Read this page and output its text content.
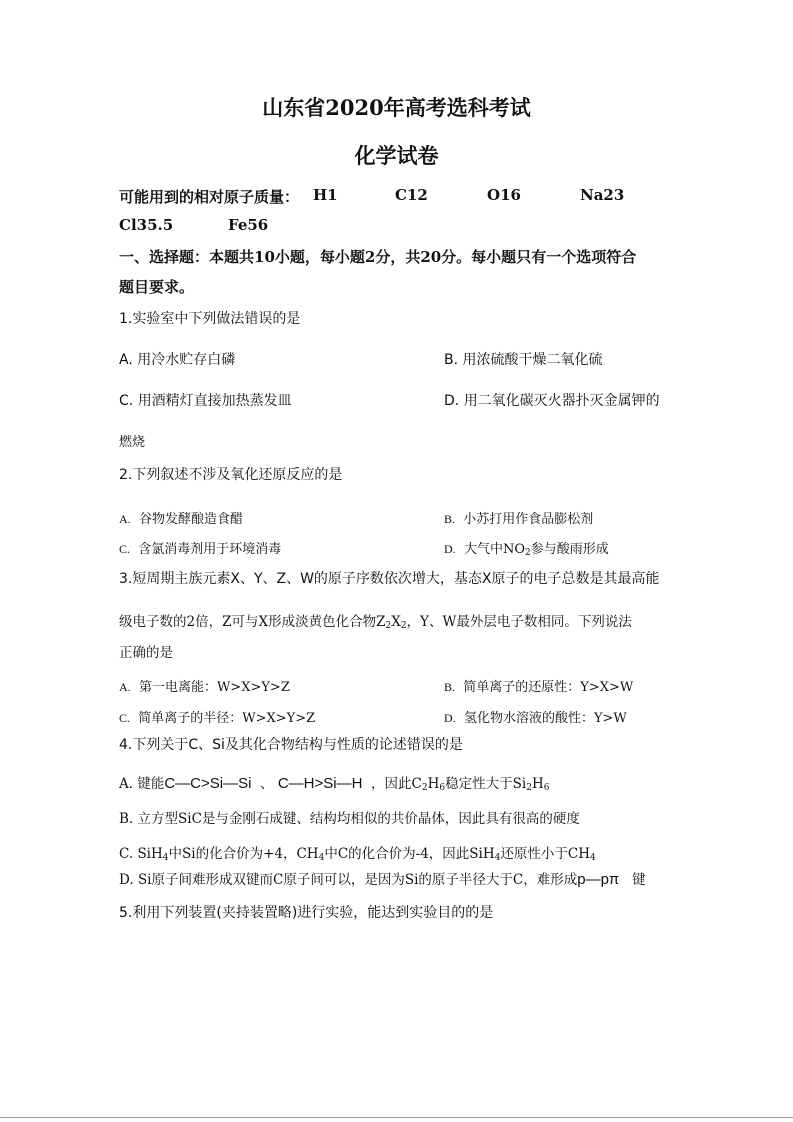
山东省2020年高考选科考试
化学试卷
可能用到的相对原子质量： H1	C12	O16	Na23
Cl35.5	Fe56
一、选择题：本题共10小题，每小题2分，共20分。每小题只有一个选项符合
题目要求。
1.实验室中下列做法错误的是
A. 用冷水贮存白磷	B. 用浓硫酸干燥二氧化硫
C. 用酒精灯直接加热蒸发皿	D. 用二氧化碳灭火器扑灭金属钾的
燃烧
2.下列叙述不涉及氧化还原反应的是
A. 谷物发酵酿造食醋	B. 小苏打用作食品膨松剂
C. 含氯消毒剂用于环境消毒	D. 大气中$NO_2$参与酸雨形成
3.短周期主族元素X、Y、Z、W的原子序数依次增大，基态X原子的电子总数是其最高能
级电子数的2倍，Z可与X形成淡黄色化合物$Z_2X_2$，Y、W最外层电子数相同。下列说法
正确的是
A. 第一电离能：W>X>Y>Z	B. 简单离子的还原性：Y>X>W
C. 简单离子的半径：W>X>Y>Z	D. 氢化物水溶液的酸性：Y>W
4.下列关于C、Si及其化合物结构与性质的论述错误的是
A. 键能C—C>Si—Si 、 C—H>Si—H ，因此$C_2H_6$稳定性大于$Si_2H_6$
B. 立方型SiC是与金刚石成键、结构均相似的共价晶体，因此具有很高的硬度
C. SiH$_4$中Si的化合价为+4，$CH_4$中C的化合价为-4，因此SiH$_4$还原性小于$CH_4$
D. Si原子间难形成双键而C原子间可以，是因为Si的原子半径大于C，难形成p—pπ 键
5.利用下列装置(夹持装置略)进行实验，能达到实验目的的是
